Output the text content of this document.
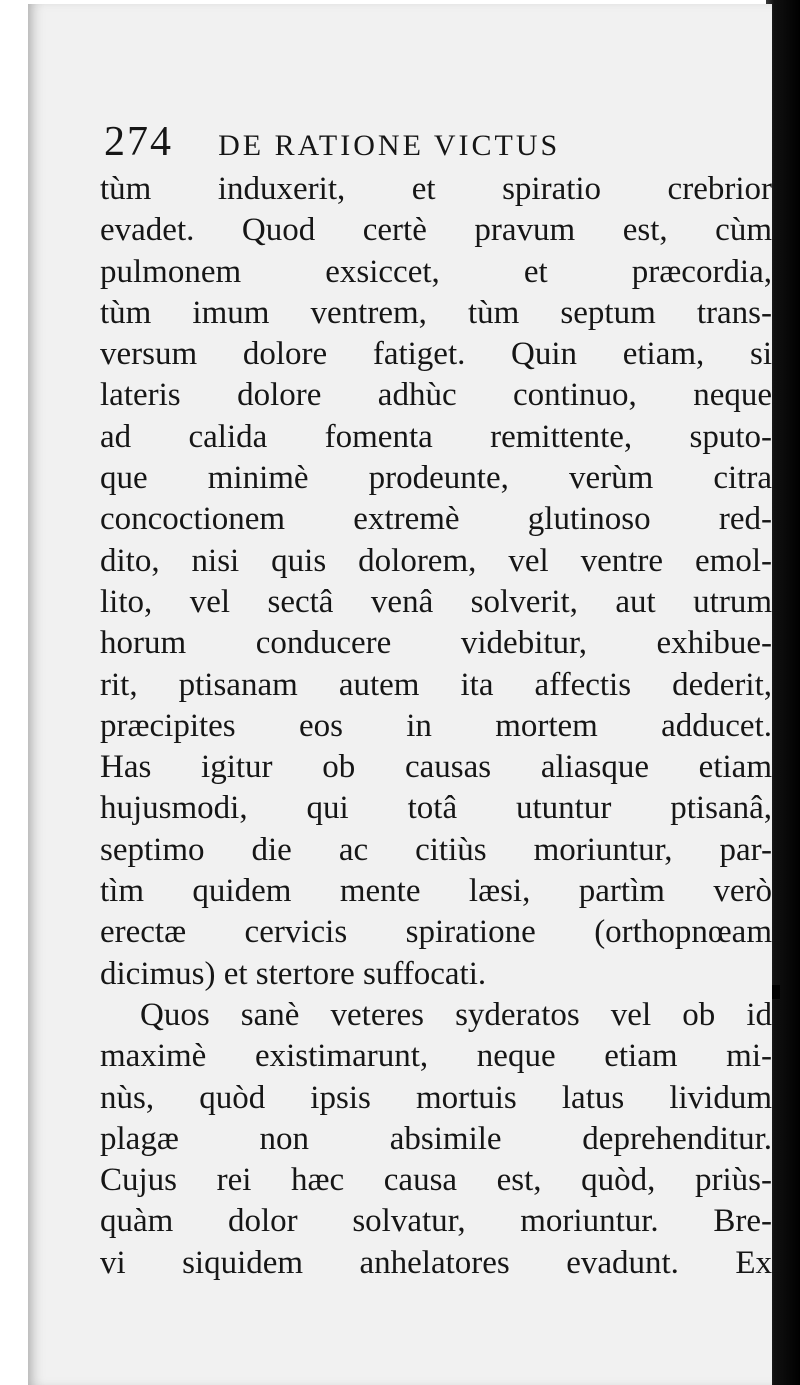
274 DE RATIONE VICTUS
tùm induxerit, et spiratio crebrior
evadet. Quod certè pravum est, cùm
pulmonem exsiccet, et præcordia,
tùm imum ventrem, tùm septum trans-
versum dolore fatiget. Quin etiam, si
lateris dolore adhùc continuo, neque
ad calida fomenta remittente, sputo-
que minimè prodeunte, verùm citra
concoctionem extremè glutinoso red-
dito, nisi quis dolorem, vel ventre emol-
lito, vel sectâ venâ solverit, aut utrum
horum conducere videbitur, exhibue-
rit, ptisanam autem ita affectis dederit,
præcipites eos in mortem adducet.
Has igitur ob causas aliasque etiam
hujusmodi, qui totâ utuntur ptisanâ,
septimo die ac citiùs moriuntur, par-
tìm quidem mente læsi, partìm verò
erectæ cervicis spiratione (orthopnœam
dicimus) et stertore suffocati.
Quos sanè veteres syderatos vel ob id
maximè existimarunt, neque etiam mi-
nùs, quòd ipsis mortuis latus lividum
plagæ non absimile deprehenditur.
Cujus rei hæc causa est, quòd, priùs-
quàm dolor solvatur, moriuntur. Bre-
vi siquidem anhelatores evadunt. Ex
